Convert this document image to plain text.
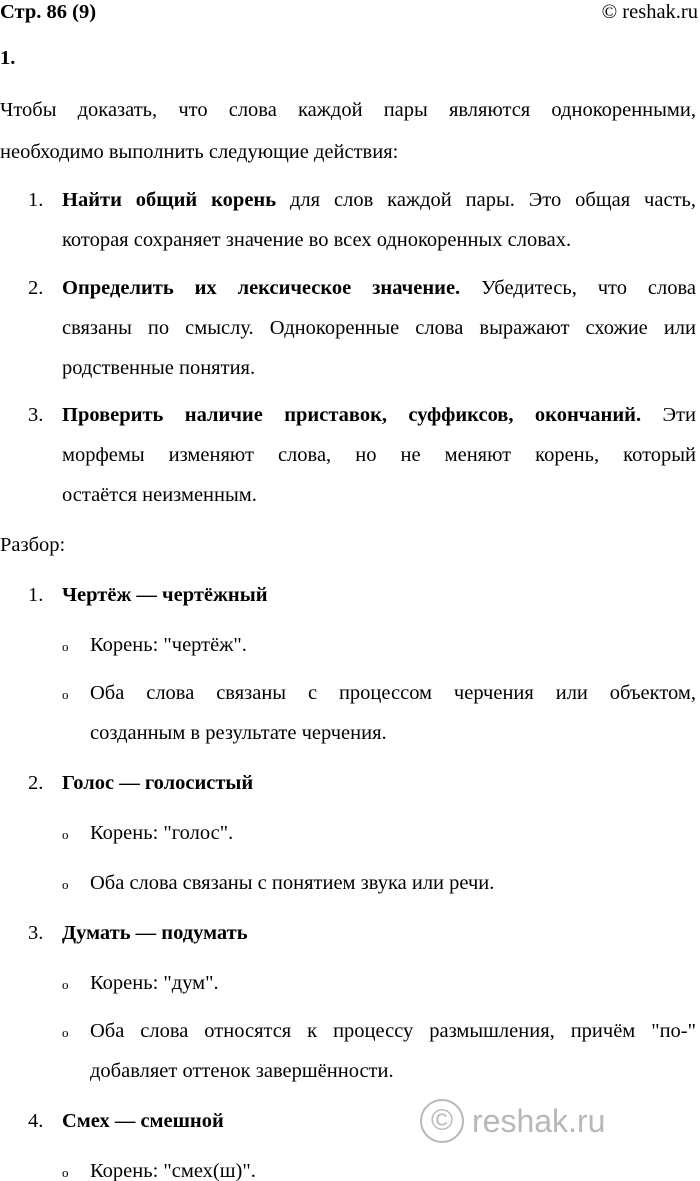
Стр. 86 (9)	© reshak.ru
1.
Чтобы доказать, что слова каждой пары являются однокоренными,
необходимо выполнить следующие действия:
1. Найти общий корень для слов каждой пары. Это общая часть,
которая сохраняет значение во всех однокоренных словах.
2. Определить их лексическое значение. Убедитесь, что слова
связаны по смыслу. Однокоренные слова выражают схожие или
родственные понятия.
3. Проверить наличие приставок, суффиксов, окончаний. Эти
морфемы изменяют слова, но не меняют корень, который
остаётся неизменным.
Разбор:
1. Чертёж — чертёжный
o Корень: "чертёж".
o Оба слова связаны с процессом черчения или объектом,
созданным в результате черчения.
2. Голос — голосистый
o Корень: "голос".
o Оба слова связаны с понятием звука или речи.
3. Думать — подумать
o Корень: "дум".
o Оба слова относятся к процессу размышления, причём "по-"
добавляет оттенок завершённости.
4. Смех — смешной
o Корень: "смех(ш)".
© reshak.ru
